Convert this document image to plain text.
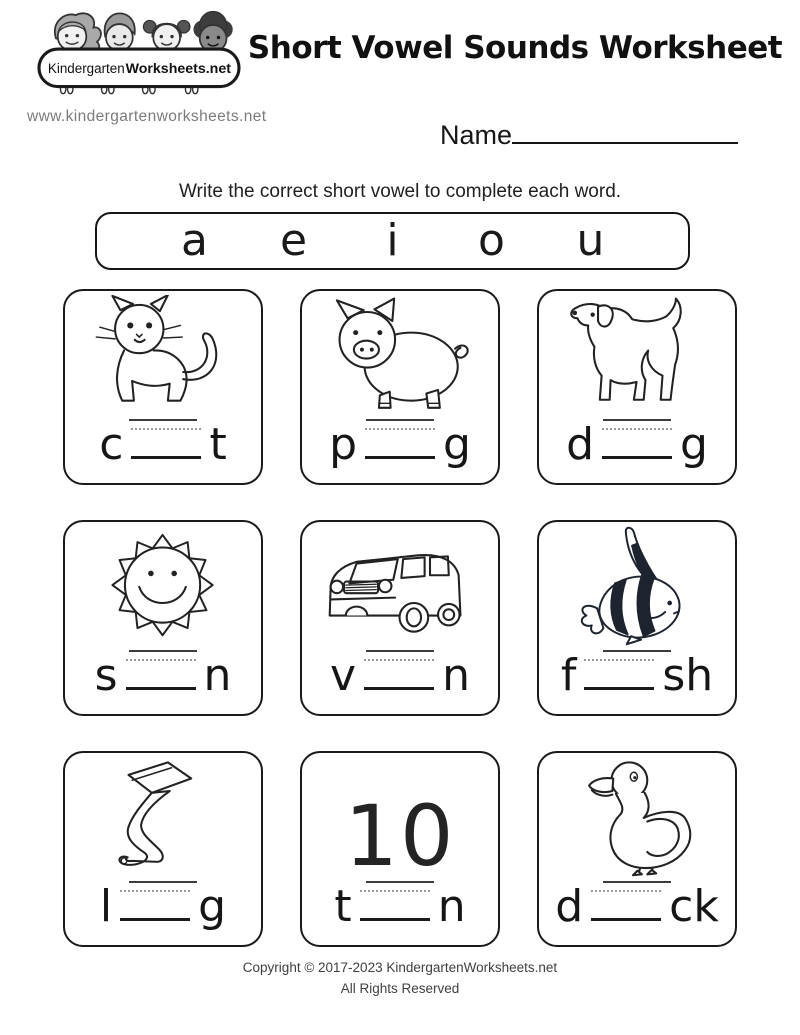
Kindergarten Worksheets.net
www.kindergartenworksheets.net
Short Vowel Sounds Worksheet
Name
Write the correct short vowel to complete each word.
a	e	i	o	u
c t p g d g
s n v n f sh
l g
10
t n d ck
Copyright © 2017-2023 KindergartenWorksheets.net
All Rights Reserved
